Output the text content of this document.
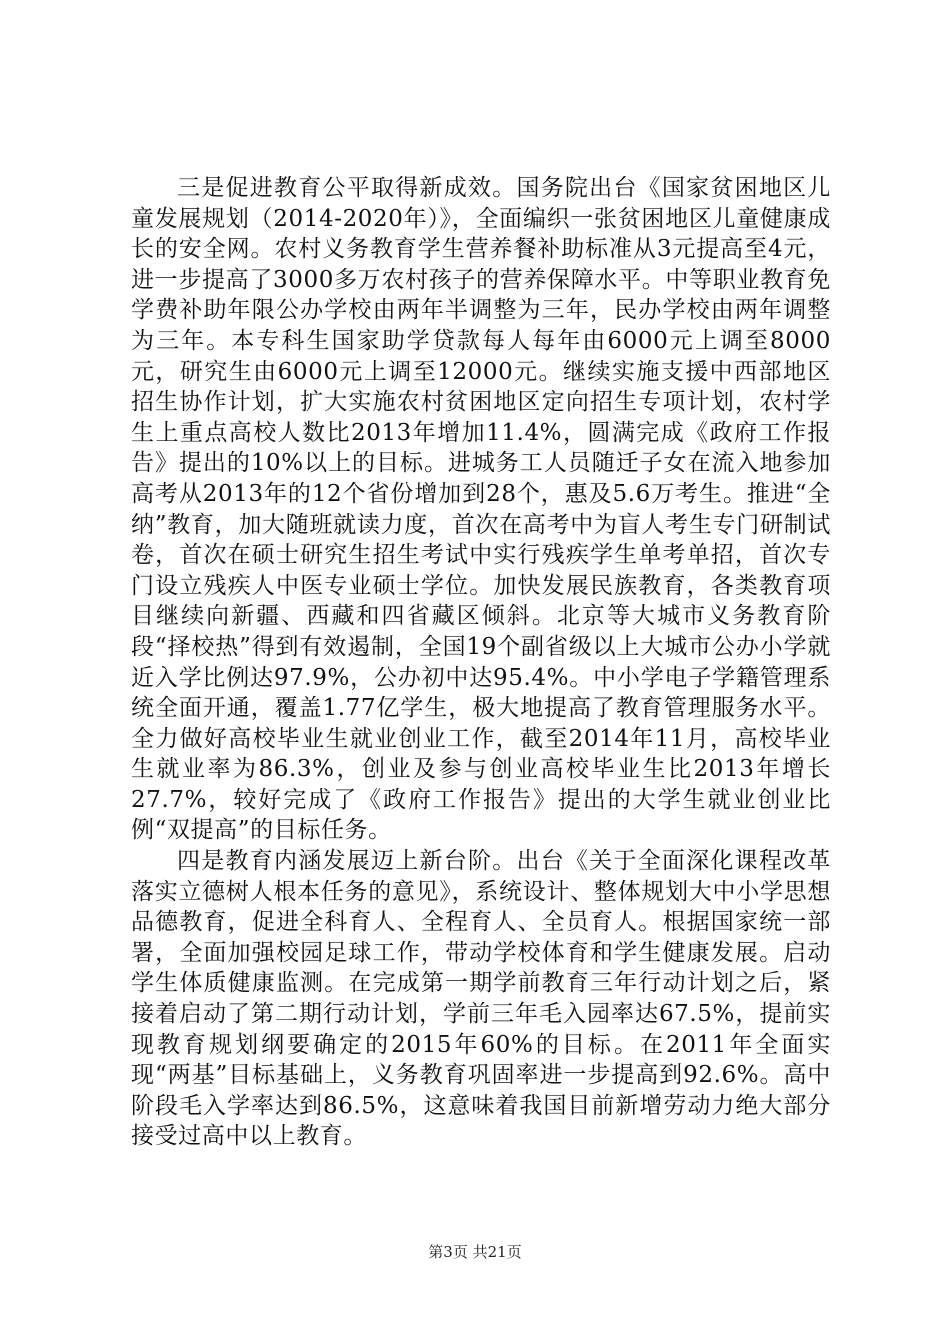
三是促进教育公平取得新成效。国务院出台《国家贫困地区儿童发展规划（2014-2020年）》，全面编织一张贫困地区儿童健康成长的安全网。农村义务教育学生营养餐补助标准从3元提高至4元，进一步提高了3000多万农村孩子的营养保障水平。中等职业教育免学费补助年限公办学校由两年半调整为三年，民办学校由两年调整为三年。本专科生国家助学贷款每人每年由6000元上调至8000元，研究生由6000元上调至12000元。继续实施支援中西部地区招生协作计划，扩大实施农村贫困地区定向招生专项计划，农村学生上重点高校人数比2013年增加11.4%，圆满完成《政府工作报告》提出的10%以上的目标。进城务工人员随迁子女在流入地参加高考从2013年的12个省份增加到28个，惠及5.6万考生。推进“全纳”教育，加大随班就读力度，首次在高考中为盲人考生专门研制试卷，首次在硕士研究生招生考试中实行残疾学生单考单招，首次专门设立残疾人中医专业硕士学位。加快发展民族教育，各类教育项目继续向新疆、西藏和四省藏区倾斜。北京等大城市义务教育阶段“择校热”得到有效遏制，全国19个副省级以上大城市公办小学就近入学比例达97.9%，公办初中达95.4%。中小学电子学籍管理系统全面开通，覆盖1.77亿学生，极大地提高了教育管理服务水平。全力做好高校毕业生就业创业工作，截至2014年11月，高校毕业生就业率为86.3%，创业及参与创业高校毕业生比2013年增长27.7%，较好完成了《政府工作报告》提出的大学生就业创业比例“双提高”的目标任务。

四是教育内涵发展迈上新台阶。出台《关于全面深化课程改革落实立德树人根本任务的意见》，系统设计、整体规划大中小学思想品德教育，促进全科育人、全程育人、全员育人。根据国家统一部署，全面加强校园足球工作，带动学校体育和学生健康发展。启动学生体质健康监测。在完成第一期学前教育三年行动计划之后，紧接着启动了第二期行动计划，学前三年毛入园率达67.5%，提前实现教育规划纲要确定的2015年60%的目标。在2011年全面实现“两基”目标基础上，义务教育巩固率进一步提高到92.6%。高中阶段毛入学率达到86.5%，这意味着我国目前新增劳动力绝大部分接受过高中以上教育。

第3页 共21页
